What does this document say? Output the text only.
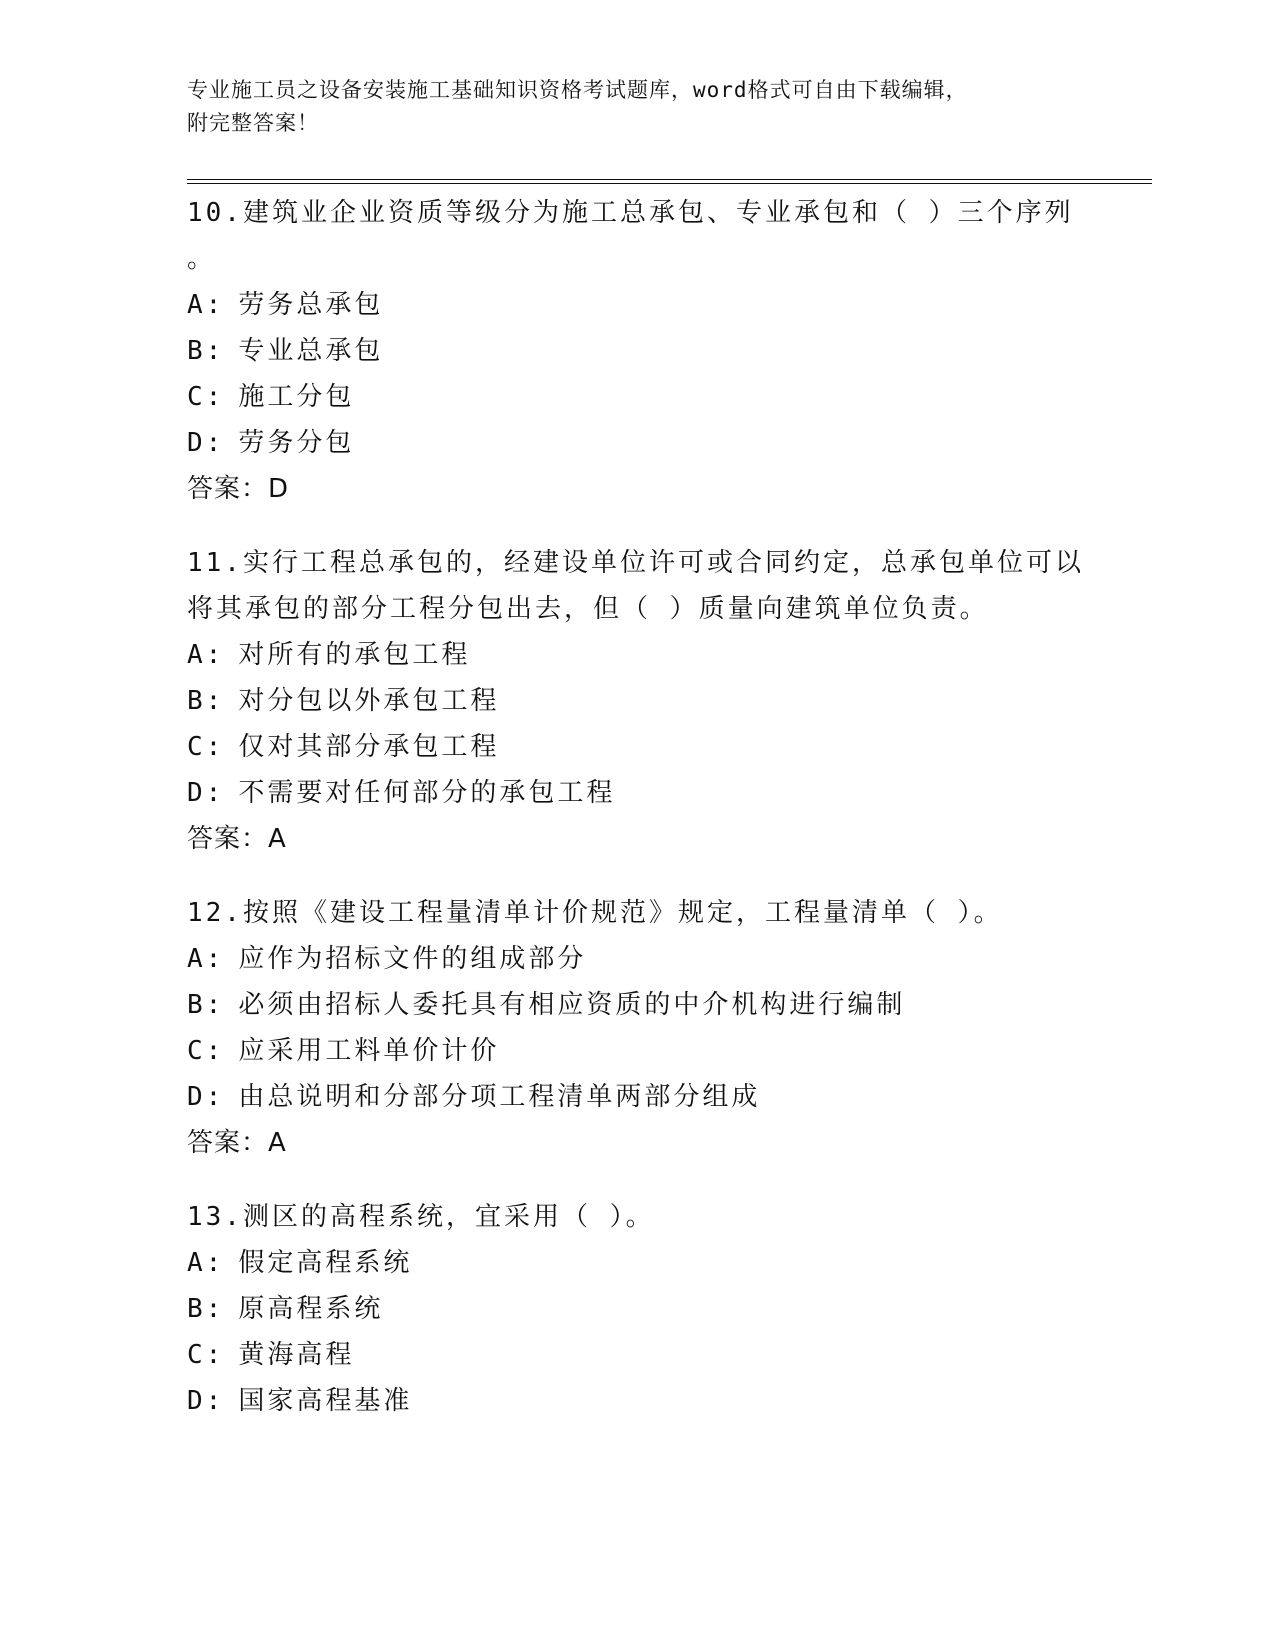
专业施工员之设备安装施工基础知识资格考试题库，word格式可自由下载编辑，
附完整答案！
10.建筑业企业资质等级分为施工总承包、专业承包和（ ）三个序列
。
A: 劳务总承包
B: 专业总承包
C: 施工分包
D: 劳务分包
答案：D
11.实行工程总承包的，经建设单位许可或合同约定，总承包单位可以将其承包的部分工程分包出去，但（ ）质量向建筑单位负责。
A: 对所有的承包工程
B: 对分包以外承包工程
C: 仅对其部分承包工程
D: 不需要对任何部分的承包工程
答案：A
12.按照《建设工程量清单计价规范》规定，工程量清单（ ）。
A: 应作为招标文件的组成部分
B: 必须由招标人委托具有相应资质的中介机构进行编制
C: 应采用工料单价计价
D: 由总说明和分部分项工程清单两部分组成
答案：A
13.测区的高程系统，宜采用（ ）。
A: 假定高程系统
B: 原高程系统
C: 黄海高程
D: 国家高程基准
